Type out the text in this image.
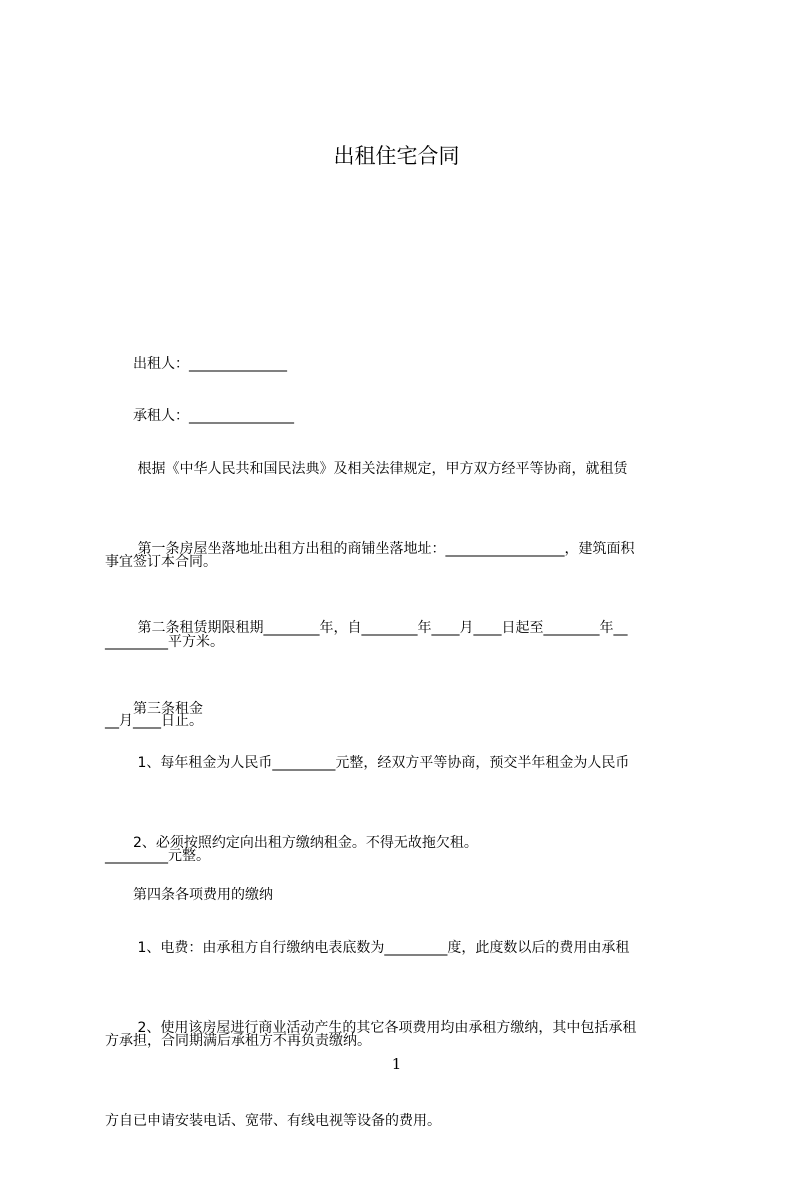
出租住宅合同

　　出租人：______________

　　承租人：_______________

　　 根据《中华人民共和国民法典》及相关法律规定，甲方双方经平等协商，就租赁

事宜签订本合同。

　　 第一条房屋坐落地址出租方出租的商铺坐落地址：_________________，建筑面积

_________平方米。

　　 第二条租赁期限租期________年，自________年____月____日起至________年__

__月____日止。

　　第三条租金

　　 1、每年租金为人民币_________元整，经双方平等协商，预交半年租金为人民币

_________元整。

　　2、必须按照约定向出租方缴纳租金。不得无故拖欠租。

　　第四条各项费用的缴纳

　　 1、电费：由承租方自行缴纳电表底数为_________度，此度数以后的费用由承租

方承担，合同期满后承租方不再负责缴纳。

　　 2、使用该房屋进行商业活动产生的其它各项费用均由承租方缴纳，其中包括承租

方自已申请安装电话、宽带、有线电视等设备的费用。

1
